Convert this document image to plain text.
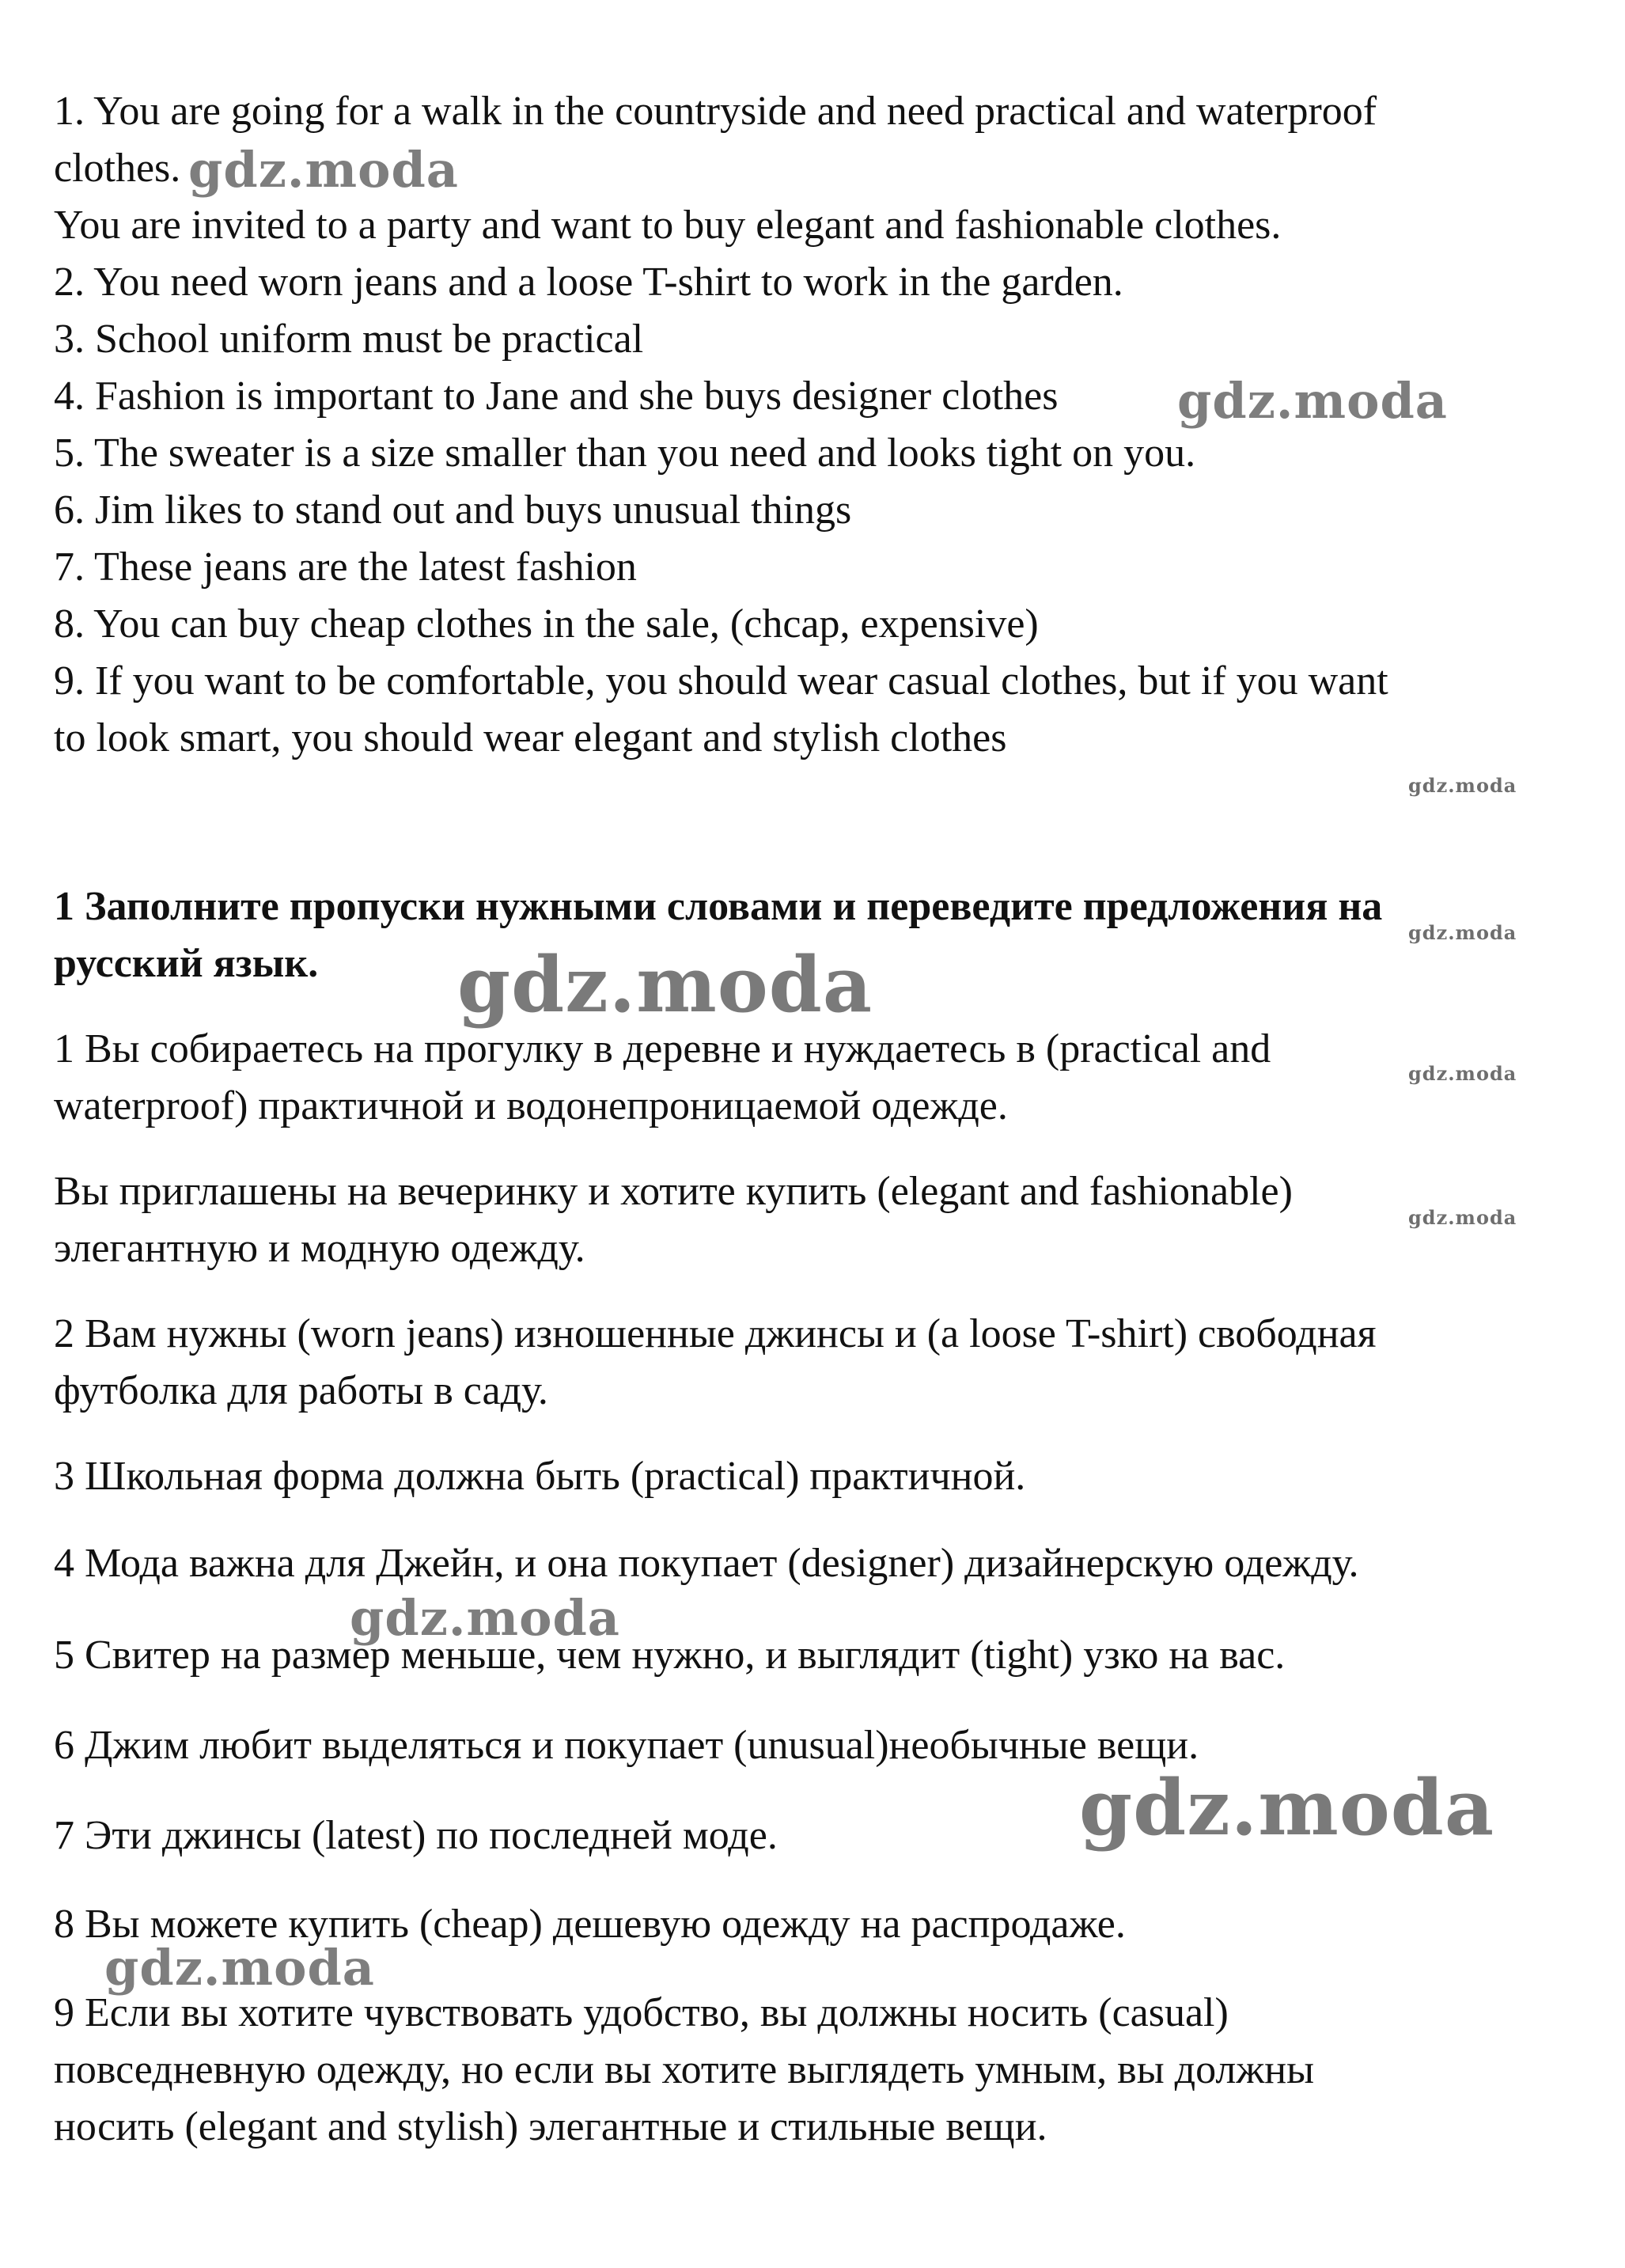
1. You are going for a walk in the countryside and need practical and waterproof
clothes.
You are invited to a party and want to buy elegant and fashionable clothes.
2. You need worn jeans and a loose T-shirt to work in the garden.
3. School uniform must be practical
4. Fashion is important to Jane and she buys designer clothes
5. The sweater is a size smaller than you need and looks tight on you.
6. Jim likes to stand out and buys unusual things
7. These jeans are the latest fashion
8. You can buy cheap clothes in the sale, (chcap, expensive)
9. If you want to be comfortable, you should wear casual clothes, but if you want
to look smart, you should wear elegant and stylish clothes
1 Заполните пропуски нужными словами и переведите предложения на
русский язык.
1 Вы собираетесь на прогулку в деревне и нуждаетесь в (practical and
waterproof) практичной и водонепроницаемой одежде.
Вы приглашены на вечеринку и хотите купить (elegant and fashionable)
элегантную и модную одежду.
2 Вам нужны (worn jeans) изношенные джинсы и (a loose T-shirt) свободная
футболка для работы в саду.
3 Школьная форма должна быть (practical) практичной.
4 Мода важна для Джейн, и она покупает (designer) дизайнерскую одежду.
5 Свитер на размер меньше, чем нужно, и выглядит (tight) узко на вас.
6 Джим любит выделяться и покупает (unusual)необычные вещи.
7 Эти джинсы (latest) по последней моде.
8 Вы можете купить (cheap) дешевую одежду на распродаже.
9 Если вы хотите чувствовать удобство, вы должны носить (casual)
повседневную одежду, но если вы хотите выглядеть умным, вы должны
носить (elegant and stylish) элегантные и стильные вещи.
gdz.moda
gdz.moda
gdz.moda
gdz.moda
gdz.moda
gdz.moda
gdz.moda
gdz.moda
gdz.moda
gdz.moda
